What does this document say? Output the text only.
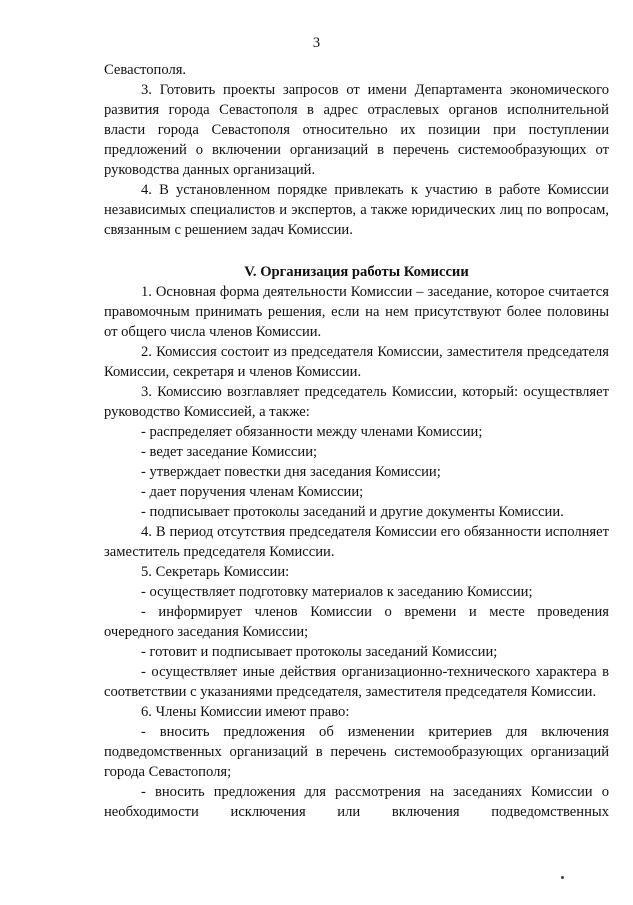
3

Севастополя.

3. Готовить проекты запросов от имени Департамента экономического развития города Севастополя в адрес отраслевых органов исполнительной власти города Севастополя относительно их позиции при поступлении предложений о включении организаций в перечень системообразующих от руководства данных организаций.

4. В установленном порядке привлекать к участию в работе Комиссии независимых специалистов и экспертов, а также юридических лиц по вопросам, связанным с решением задач Комиссии.

V. Организация работы Комиссии

1. Основная форма деятельности Комиссии – заседание, которое считается правомочным принимать решения, если на нем присутствуют более половины от общего числа членов Комиссии.

2. Комиссия состоит из председателя Комиссии, заместителя председателя Комиссии, секретаря и членов Комиссии.

3. Комиссию возглавляет председатель Комиссии, который: осуществляет руководство Комиссией, а также:

- распределяет обязанности между членами Комиссии;

- ведет заседание Комиссии;

- утверждает повестки дня заседания Комиссии;

- дает поручения членам Комиссии;

- подписывает протоколы заседаний и другие документы Комиссии.

4. В период отсутствия председателя Комиссии его обязанности исполняет заместитель председателя Комиссии.

5. Секретарь Комиссии:

- осуществляет подготовку материалов к заседанию Комиссии;

- информирует членов Комиссии о времени и месте проведения очередного заседания Комиссии;

- готовит и подписывает протоколы заседаний Комиссии;

- осуществляет иные действия организационно-технического характера в соответствии с указаниями председателя, заместителя председателя Комиссии.

6. Члены Комиссии имеют право:

- вносить предложения об изменении критериев для включения подведомственных организаций в перечень системообразующих организаций города Севастополя;

- вносить предложения для рассмотрения на заседаниях Комиссии о необходимости исключения или включения подведомственных
